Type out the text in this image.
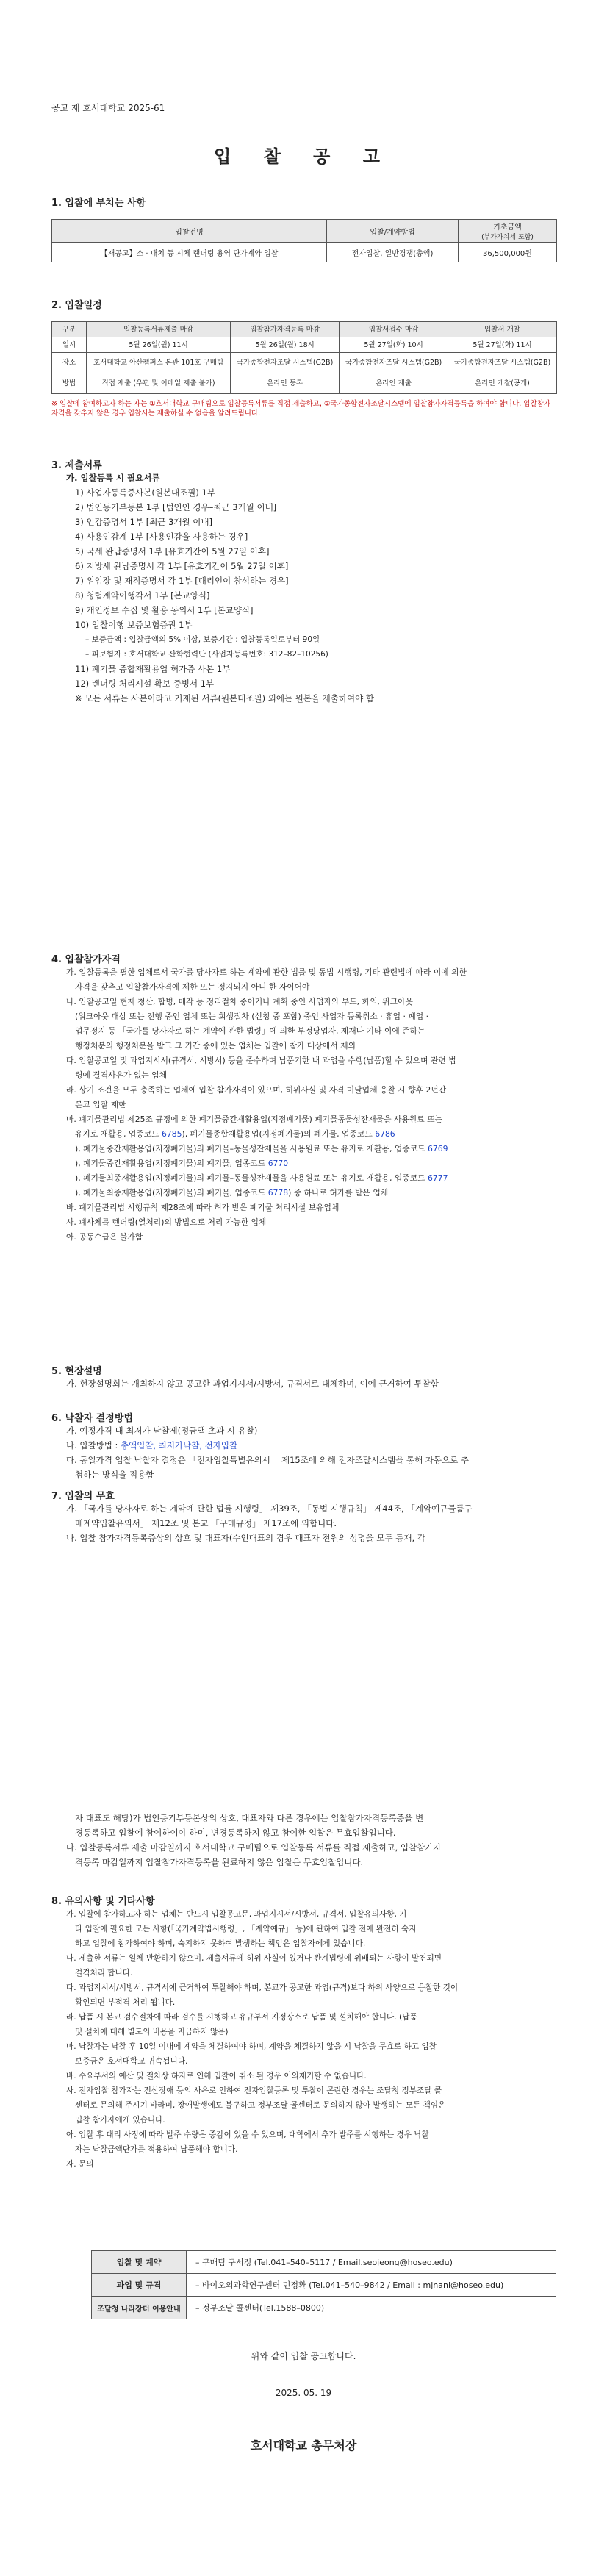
공고 제 호서대학교 2025-61
입 찰 공 고
1. 입찰에 부치는 사항
입찰건명	입찰/계약방법	기초금액
(부가가치세 포함)
【재공고】소 · 대치 등 시체 랜더링 용역 단가계약 입찰	전자입찰, 일반경쟁(총액)	36,500,000원
2. 입찰일정
구분	입찰등록서류제출 마감	입찰참가자격등록 마감	입찰서접수 마감	입찰서 개찰
일시	5월 26일(월) 11시	5월 26일(월) 18시	5월 27일(화) 10시	5월 27일(화) 11시
장소	호서대학교 아산캠퍼스 본관 101호 구매팀	국가종합전자조달 시스템(G2B)	국가종합전자조달 시스템(G2B)	국가종합전자조달 시스템(G2B)
방법	직접 제출 (우편 및 이메일 제출 불가)	온라인 등록	온라인 제출	온라인 개찰(공개)
※ 입찰에 참여하고자 하는 자는 ①호서대학교 구매팀으로 입찰등록서류를 직접 제출하고, ②국가종합전자조달시스템에 입찰참가자격등록을 하여야 합니다. 입찰참가자격을 갖추지 않은 경우 입찰서는 제출하실 수 없음을 알려드립니다.
3. 제출서류

가. 입찰등록 시 필요서류

1) 사업자등록증사본(원본대조필) 1부

2) 법인등기부등본 1부 [법인인 경우–최근 3개월 이내]

3) 인감증명서 1부 [최근 3개월 이내]

4) 사용인감계 1부 [사용인감을 사용하는 경우]

5) 국세 완납증명서 1부 [유효기간이 5월 27일 이후]

6) 지방세 완납증명서 각 1부 [유효기간이 5월 27일 이후]

7) 위임장 및 재직증명서 각 1부 [대리인이 참석하는 경우]

8) 청렴계약이행각서 1부 [본교양식]

9) 개인정보 수집 및 활용 동의서 1부 [본교양식]

10) 입찰이행 보증보험증권 1부

– 보증금액 : 입찰금액의 5% 이상, 보증기간 : 입찰등록일로부터 90일

– 피보험자 : 호서대학교 산학협력단 (사업자등록번호: 312–82–10256)

11) 폐기물 종합재활용업 허가증 사본 1부

12) 렌더링 처리시설 확보 증빙서 1부

※ 모든 서류는 사본이라고 기재된 서류(원본대조필) 외에는 원본을 제출하여야 함

4. 입찰참가자격

가. 입찰등록을 필한 업체로서 국가를 당사자로 하는 계약에 관한 법률 및 동법 시행령, 기타 관련법에 따라 이에 의한

자격을 갖추고 입찰참가자격에 제한 또는 정지되지 아니 한 자이어야

나. 입찰공고일 현재 청산, 합병, 매각 등 정리절차 중이거나 계획 중인 사업자와 부도, 화의, 워크아웃

(워크아웃 대상 또는 진행 중인 업체 또는 회생절차 (신청 중 포함) 중인 사업자 등록취소 · 휴업 · 폐업 ·

업무정지 등 「국가를 당사자로 하는 계약에 관한 법령」에 의한 부정당업자, 제재나 기타 이에 준하는

행정처분의 행정처분을 받고 그 기간 중에 있는 업체는 입찰에 참가 대상에서 제외

다. 입찰공고일 및 과업지시서(규격서, 시방서) 등을 준수하며 납품기한 내 과업을 수행(납품)할 수 있으며 관련 법

령에 결격사유가 없는 업체

라. 상기 조건을 모두 충족하는 업체에 입찰 참가자격이 있으며, 허위사실 및 자격 미달업체 응찰 시 향후 2년간

본교 입찰 제한

마. 폐기물관리법 제25조 규정에 의한 폐기물중간재활용업(지정폐기물) 폐기물동물성잔재물을 사용원료 또는

유지로 재활용, 업종코드 6785), 폐기물종합재활용업(지정폐기물)의 폐기물, 업종코드 6786

), 폐기물중간재활용업(지정폐기물)의 폐기물–동물성잔재물을 사용원료 또는 유지로 재활용, 업종코드 6769

), 폐기물중간재활용업(지정폐기물)의 폐기물, 업종코드 6770

), 폐기물최종재활용업(지정폐기물)의 폐기물–동물성잔재물을 사용원료 또는 유지로 재활용, 업종코드 6777

), 폐기물최종재활용업(지정폐기물)의 폐기물, 업종코드 6778) 중 하나로 허가를 받은 업체

바. 폐기물관리법 시행규칙 제28조에 따라 허가 받은 폐기물 처리시설 보유업체

사. 폐사체를 렌더링(열처리)의 방법으로 처리 가능한 업체

아. 공동수급은 불가함

5. 현장설명

가. 현장설명회는 개최하지 않고 공고한 과업지시서/시방서, 규격서로 대체하며, 이에 근거하여 투찰함

6. 낙찰자 결정방법

가. 예정가격 내 최저가 낙찰제(정금액 초과 시 유찰)

나. 입찰방법 : 총액입찰, 최저가낙찰, 전자입찰

다. 동일가격 입찰 낙찰자 결정은 「전자입찰특별유의서」 제15조에 의해 전자조달시스템을 통해 자동으로 추

첨하는 방식을 적용함

7. 입찰의 무효

가. 「국가를 당사자로 하는 계약에 관한 법률 시행령」 제39조, 「동법 시행규칙」 제44조, 「계약예규물품구

매계약입찰유의서」 제12조 및 본교 「구매규정」 제17조에 의합니다.

나. 입찰 참가자격등록증상의 상호 및 대표자(수인대표의 경우 대표자 전원의 성명을 모두 등재, 각

자 대표도 해당)가 법인등기부등본상의 상호, 대표자와 다른 경우에는 입찰참가자격등록증을 변

경등록하고 입찰에 참여하여야 하며, 변경등록하지 않고 참여한 입찰은 무효입찰입니다.

다. 입찰등록서류 제출 마감일까지 호서대학교 구매팀으로 입찰등록 서류를 직접 제출하고, 입찰참가자

격등록 마감일까지 입찰참가자격등록을 완료하지 않은 입찰은 무효입찰입니다.

8. 유의사항 및 기타사항

가. 입찰에 참가하고자 하는 업체는 반드시 입찰공고문, 과업지시서/시방서, 규격서, 입찰유의사항, 기

타 입찰에 필요한 모든 사항(「국가계약법시행령」, 「계약예규」 등)에 관하여 입찰 전에 완전히 숙지

하고 입찰에 참가하여야 하며, 숙지하지 못하여 발생하는 책임은 입찰자에게 있습니다.

나. 제출한 서류는 일체 반환하지 않으며, 제출서류에 허위 사실이 있거나 관계법령에 위배되는 사항이 발견되면

결격처리 합니다.

다. 과업지시서/시방서, 규격서에 근거하여 투찰해야 하며, 본교가 공고한 과업(규격)보다 하위 사양으로 응찰한 것이

확인되면 부적격 처리 됩니다.

라. 납품 시 본교 검수절차에 따라 검수를 시행하고 유규부서 지정장소로 납품 및 설치해야 합니다. (납품

및 설치에 대해 별도의 비용을 지급하지 않음)

마. 낙찰자는 낙찰 후 10일 이내에 계약을 체결하여야 하며, 계약을 체결하지 않을 시 낙찰을 무효로 하고 입찰

보증금은 호서대학교 귀속됩니다.

바. 수요부서의 예산 및 절차상 하자로 인해 입찰이 취소 된 경우 이의제기할 수 없습니다.

사. 전자입찰 참가자는 전산장애 등의 사유로 인하여 전자입찰등록 및 투찰이 곤란한 경우는 조달청 정부조달 콜

센터로 문의해 주시기 바라며, 장애발생에도 불구하고 정부조달 콜센터로 문의하지 않아 발생하는 모든 책임은

입찰 참가자에게 있습니다.

아. 입찰 후 대리 사정에 따라 발주 수량은 증감이 있을 수 있으며, 대학에서 추가 발주를 시행하는 경우 낙찰

자는 낙찰금액단가를 적용하여 납품해야 합니다.

자. 문의

입찰 및 계약	– 구매팀 구서정 (Tel.041–540–5117 / Email.seojeong@hoseo.edu)
과업 및 규격	– 바이오의과학연구센터 민정환 (Tel.041–540–9842 / Email : mjnani@hoseo.edu)
조달청 나라장터 이용안내	– 정부조달 콜센터(Tel.1588–0800)
위와 같이 입찰 공고합니다.
2025. 05. 19
호서대학교 총무처장
